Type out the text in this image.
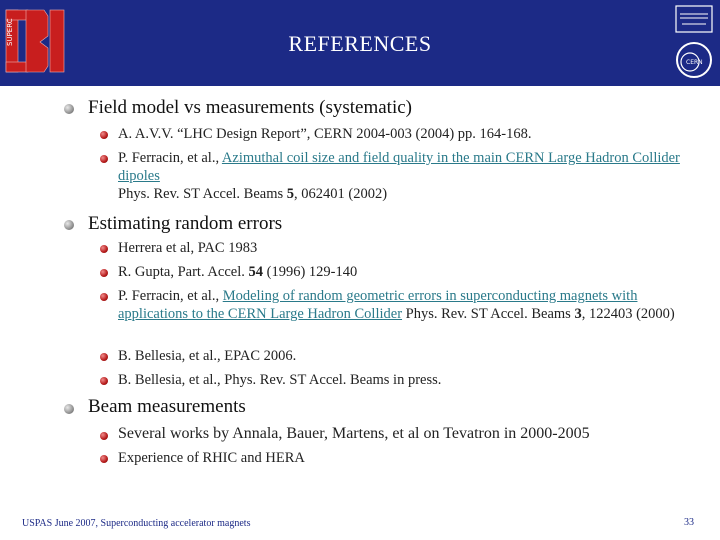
SUPERC	REFERENCES
CERN
Field model vs measurements (systematic)
A. A.V.V. “LHC Design Report”, CERN 2004-003 (2004) pp. 164-168.
P. Ferracin, et al., Azimuthal coil size and field quality in the main CERN Large Hadron Collider dipoles
Phys. Rev. ST Accel. Beams 5, 062401 (2002)
Estimating random errors
Herrera et al, PAC 1983
R. Gupta, Part. Accel. 54 (1996) 129-140
P. Ferracin, et al., Modeling of random geometric errors in superconducting magnets with applications to the CERN Large Hadron Collider Phys. Rev. ST Accel. Beams 3, 122403 (2000)
B. Bellesia, et al., EPAC 2006.
B. Bellesia, et al., Phys. Rev. ST Accel. Beams in press.
Beam measurements
Several works by Annala, Bauer, Martens, et al on Tevatron in 2000-2005
Experience of RHIC and HERA
USPAS June 2007, Superconducting accelerator magnets	33
